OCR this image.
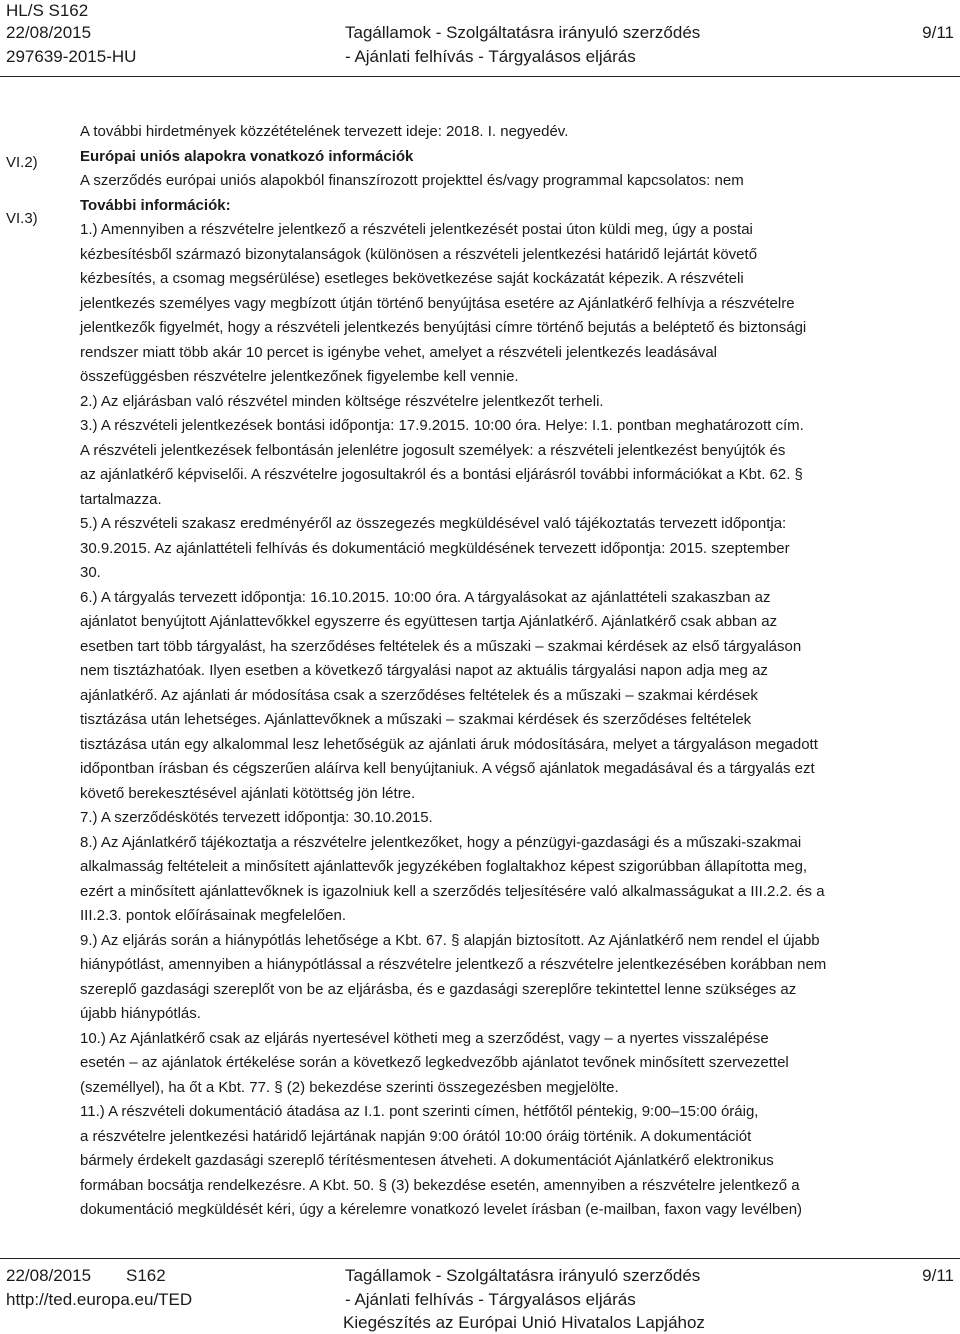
HL/S S162
22/08/2015
297639-2015-HU
Tagállamok - Szolgáltatásra irányuló szerződés
- Ajánlati felhívás - Tárgyalásos eljárás
9/11
VI.2)
VI.3)

A további hirdetmények közzétételének tervezett ideje: 2018. I. negyedév.

Európai uniós alapokra vonatkozó információk

A szerződés európai uniós alapokból finanszírozott projekttel és/vagy programmal kapcsolatos: nem

További információk:

1.) Amennyiben a részvételre jelentkező a részvételi jelentkezését postai úton küldi meg, úgy a postai

kézbesítésből származó bizonytalanságok (különösen a részvételi jelentkezési határidő lejártát követő

kézbesítés, a csomag megsérülése) esetleges bekövetkezése saját kockázatát képezik. A részvételi

jelentkezés személyes vagy megbízott útján történő benyújtása esetére az Ajánlatkérő felhívja a részvételre

jelentkezők figyelmét, hogy a részvételi jelentkezés benyújtási címre történő bejutás a beléptető és biztonsági

rendszer miatt több akár 10 percet is igénybe vehet, amelyet a részvételi jelentkezés leadásával

összefüggésben részvételre jelentkezőnek figyelembe kell vennie.

2.) Az eljárásban való részvétel minden költsége részvételre jelentkezőt terheli.

3.) A részvételi jelentkezések bontási időpontja: 17.9.2015. 10:00 óra. Helye: I.1. pontban meghatározott cím.

A részvételi jelentkezések felbontásán jelenlétre jogosult személyek: a részvételi jelentkezést benyújtók és

az ajánlatkérő képviselői. A részvételre jogosultakról és a bontási eljárásról további információkat a Kbt. 62. §

tartalmazza.

5.) A részvételi szakasz eredményéről az összegezés megküldésével való tájékoztatás tervezett időpontja:

30.9.2015. Az ajánlattételi felhívás és dokumentáció megküldésének tervezett időpontja: 2015. szeptember

30.

6.) A tárgyalás tervezett időpontja: 16.10.2015. 10:00 óra. A tárgyalásokat az ajánlattételi szakaszban az

ajánlatot benyújtott Ajánlattevőkkel egyszerre és együttesen tartja Ajánlatkérő. Ajánlatkérő csak abban az

esetben tart több tárgyalást, ha szerződéses feltételek és a műszaki – szakmai kérdések az első tárgyaláson

nem tisztázhatóak. Ilyen esetben a következő tárgyalási napot az aktuális tárgyalási napon adja meg az

ajánlatkérő. Az ajánlati ár módosítása csak a szerződéses feltételek és a műszaki – szakmai kérdések

tisztázása után lehetséges. Ajánlattevőknek a műszaki – szakmai kérdések és szerződéses feltételek

tisztázása után egy alkalommal lesz lehetőségük az ajánlati áruk módosítására, melyet a tárgyaláson megadott

időpontban írásban és cégszerűen aláírva kell benyújtaniuk. A végső ajánlatok megadásával és a tárgyalás ezt

követő berekesztésével ajánlati kötöttség jön létre.

7.) A szerződéskötés tervezett időpontja: 30.10.2015.

8.) Az Ajánlatkérő tájékoztatja a részvételre jelentkezőket, hogy a pénzügyi-gazdasági és a műszaki-szakmai

alkalmasság feltételeit a minősített ajánlattevők jegyzékében foglaltakhoz képest szigorúbban állapította meg,

ezért a minősített ajánlattevőknek is igazolniuk kell a szerződés teljesítésére való alkalmasságukat a III.2.2. és a

III.2.3. pontok előírásainak megfelelően.

9.) Az eljárás során a hiánypótlás lehetősége a Kbt. 67. § alapján biztosított. Az Ajánlatkérő nem rendel el újabb

hiánypótlást, amennyiben a hiánypótlással a részvételre jelentkező a részvételre jelentkezésében korábban nem

szereplő gazdasági szereplőt von be az eljárásba, és e gazdasági szereplőre tekintettel lenne szükséges az

újabb hiánypótlás.

10.) Az Ajánlatkérő csak az eljárás nyertesével kötheti meg a szerződést, vagy – a nyertes visszalépése

esetén – az ajánlatok értékelése során a következő legkedvezőbb ajánlatot tevőnek minősített szervezettel

(személlyel), ha őt a Kbt. 77. § (2) bekezdése szerinti összegezésben megjelölte.

11.) A részvételi dokumentáció átadása az I.1. pont szerinti címen, hétfőtől péntekig, 9:00–15:00 óráig,

a részvételre jelentkezési határidő lejártának napján 9:00 órától 10:00 óráig történik. A dokumentációt

bármely érdekelt gazdasági szereplő térítésmentesen átveheti. A dokumentációt Ajánlatkérő elektronikus

formában bocsátja rendelkezésre. A Kbt. 50. § (3) bekezdése esetén, amennyiben a részvételre jelentkező a

dokumentáció megküldését kéri, úgy a kérelemre vonatkozó levelet írásban (e-mailban, faxon vagy levélben)

22/08/2015 S162
http://ted.europa.eu/TED
Tagállamok - Szolgáltatásra irányuló szerződés
- Ajánlati felhívás - Tárgyalásos eljárás
Kiegészítés az Európai Unió Hivatalos Lapjához
9/11
